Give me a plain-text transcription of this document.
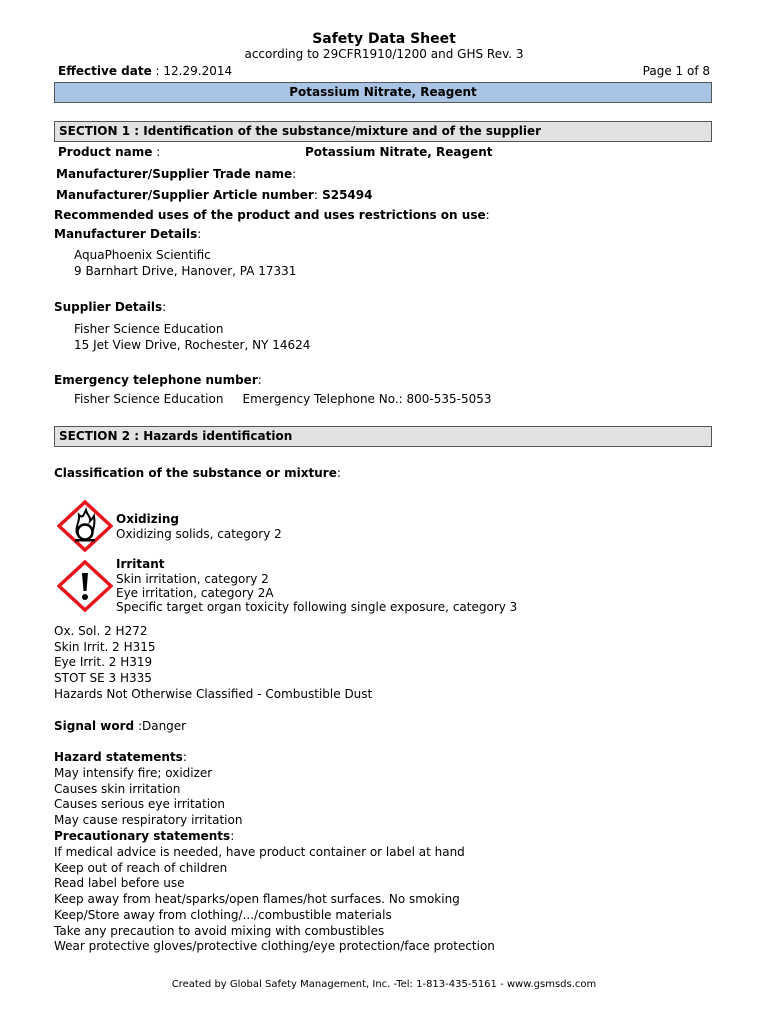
Safety Data Sheet
according to 29CFR1910/1200 and GHS Rev. 3
Effective date : 12.29.2014	Page 1 of 8
Potassium Nitrate, Reagent
SECTION 1 : Identification of the substance/mixture and of the supplier
Product name :	Potassium Nitrate, Reagent
Manufacturer/Supplier Trade name:
Manufacturer/Supplier Article number: S25494
Recommended uses of the product and uses restrictions on use:
Manufacturer Details:
AquaPhoenix Scientific
9 Barnhart Drive, Hanover, PA 17331
Supplier Details:
Fisher Science Education
15 Jet View Drive, Rochester, NY 14624
Emergency telephone number:
Fisher Science Education     Emergency Telephone No.: 800-535-5053
SECTION 2 : Hazards identification
Classification of the substance or mixture:
Oxidizing
Oxidizing solids, category 2
Irritant
Skin irritation, category 2
Eye irritation, category 2A
Specific target organ toxicity following single exposure, category 3
Ox. Sol. 2 H272
Skin Irrit. 2 H315
Eye Irrit. 2 H319
STOT SE 3 H335
Hazards Not Otherwise Classified - Combustible Dust
Signal word :Danger
Hazard statements:
May intensify fire; oxidizer
Causes skin irritation
Causes serious eye irritation
May cause respiratory irritation
Precautionary statements:
If medical advice is needed, have product container or label at hand
Keep out of reach of children
Read label before use
Keep away from heat/sparks/open flames/hot surfaces. No smoking
Keep/Store away from clothing/.../combustible materials
Take any precaution to avoid mixing with combustibles
Wear protective gloves/protective clothing/eye protection/face protection
Created by Global Safety Management, Inc. -Tel: 1-813-435-5161 - www.gsmsds.com
